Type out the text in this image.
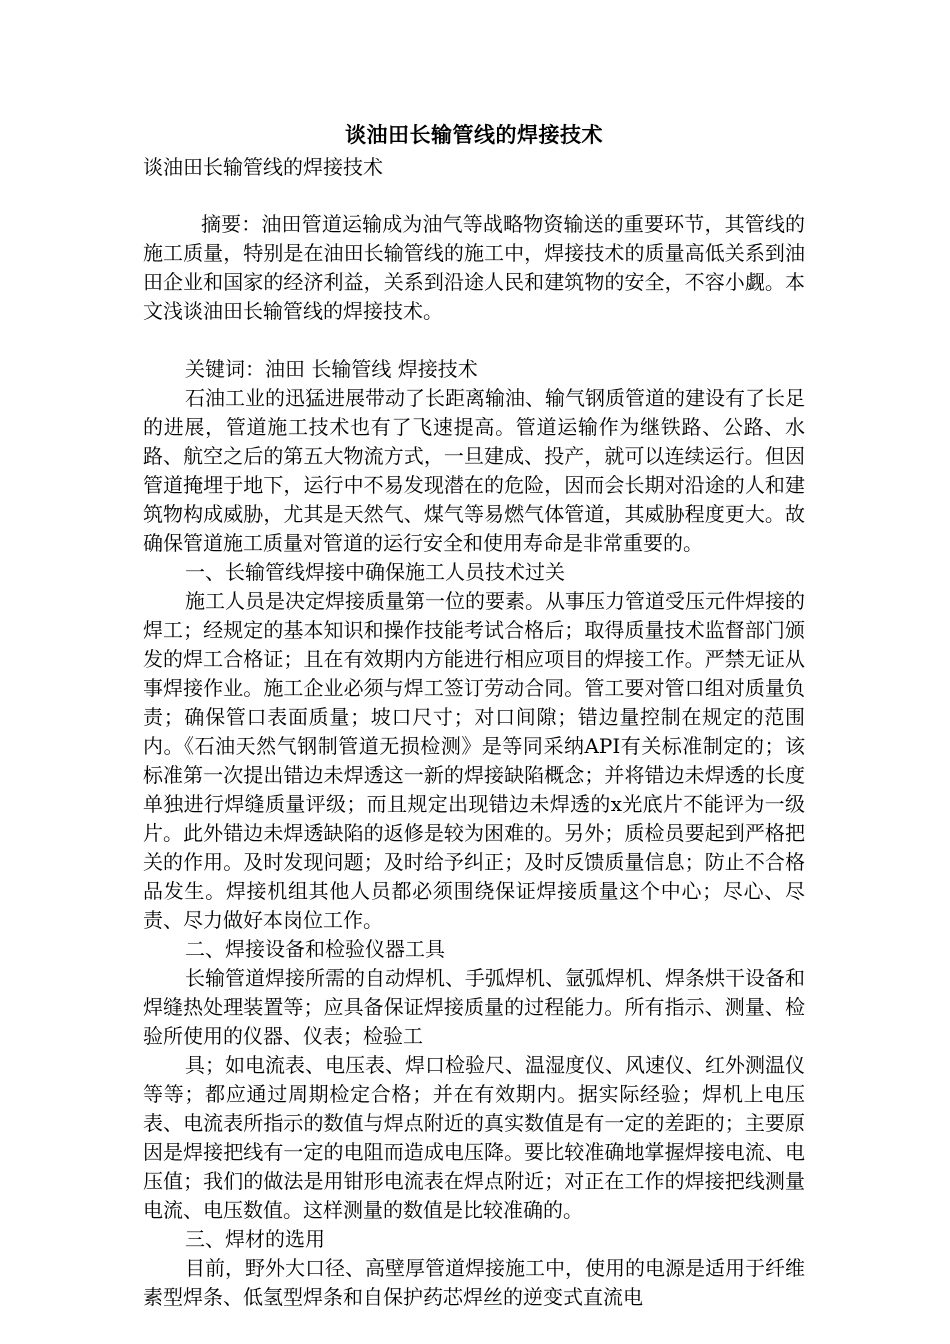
谈油田长输管线的焊接技术
谈油田长输管线的焊接技术

摘要：油田管道运输成为油气等战略物资输送的重要环节，其管线的施工质量，特别是在油田长输管线的施工中，焊接技术的质量高低关系到油田企业和国家的经济利益，关系到沿途人民和建筑物的安全，不容小觑。本文浅谈油田长输管线的焊接技术。

关键词：油田 长输管线 焊接技术

石油工业的迅猛进展带动了长距离输油、输气钢质管道的建设有了长足的进展，管道施工技术也有了飞速提高。管道运输作为继铁路、公路、水路、航空之后的第五大物流方式，一旦建成、投产，就可以连续运行。但因管道掩埋于地下，运行中不易发现潜在的危险，因而会长期对沿途的人和建筑物构成威胁，尤其是天然气、煤气等易燃气体管道，其威胁程度更大。故确保管道施工质量对管道的运行安全和使用寿命是非常重要的。

一、长输管线焊接中确保施工人员技术过关

施工人员是决定焊接质量第一位的要素。从事压力管道受压元件焊接的焊工；经规定的基本知识和操作技能考试合格后；取得质量技术监督部门颁发的焊工合格证；且在有效期内方能进行相应项目的焊接工作。严禁无证从事焊接作业。施工企业必须与焊工签订劳动合同。管工要对管口组对质量负责；确保管口表面质量；坡口尺寸；对口间隙；错边量控制在规定的范围内。《石油天然气钢制管道无损检测》是等同采纳API有关标准制定的；该标准第一次提出错边未焊透这一新的焊接缺陷概念；并将错边未焊透的长度单独进行焊缝质量评级；而且规定出现错边未焊透的x光底片不能评为一级片。此外错边未焊透缺陷的返修是较为困难的。另外；质检员要起到严格把关的作用。及时发现问题；及时给予纠正；及时反馈质量信息；防止不合格品发生。焊接机组其他人员都必须围绕保证焊接质量这个中心；尽心、尽责、尽力做好本岗位工作。

二、焊接设备和检验仪器工具

长输管道焊接所需的自动焊机、手弧焊机、氩弧焊机、焊条烘干设备和焊缝热处理装置等；应具备保证焊接质量的过程能力。所有指示、测量、检验所使用的仪器、仪表；检验工

具；如电流表、电压表、焊口检验尺、温湿度仪、风速仪、红外测温仪等等；都应通过周期检定合格；并在有效期内。据实际经验；焊机上电压表、电流表所指示的数值与焊点附近的真实数值是有一定的差距的；主要原因是焊接把线有一定的电阻而造成电压降。要比较准确地掌握焊接电流、电压值；我们的做法是用钳形电流表在焊点附近；对正在工作的焊接把线测量电流、电压数值。这样测量的数值是比较准确的。

三、焊材的选用

目前，野外大口径、高壁厚管道焊接施工中，使用的电源是适用于纤维素型焊条、低氢型焊条和自保护药芯焊丝的逆变式直流电
